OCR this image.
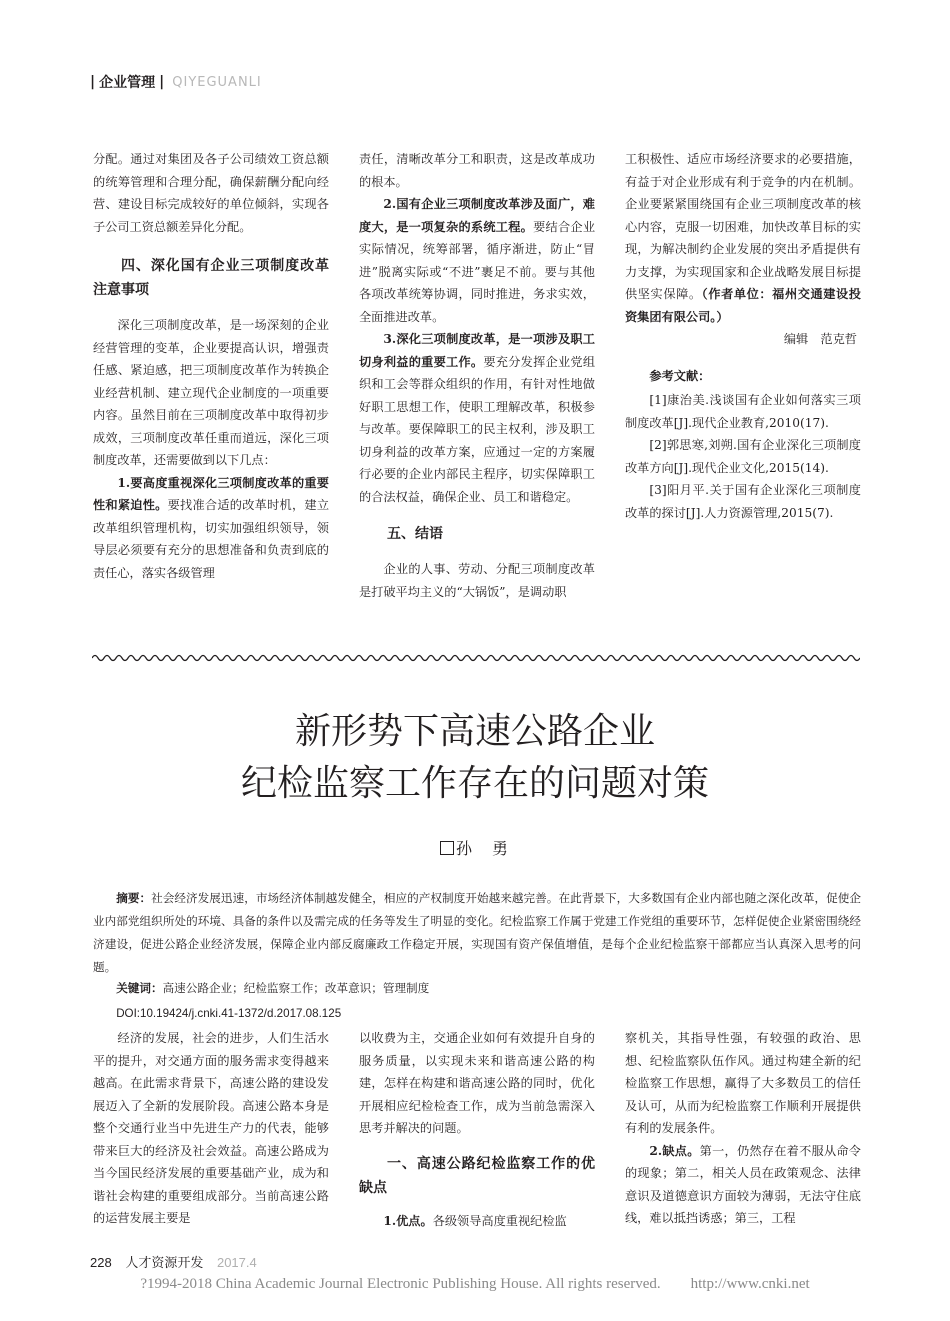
| 企业管理 | QIYEGUANLI

分配。通过对集团及各子公司绩效工资总额的统筹管理和合理分配，确保薪酬分配向经营、建设目标完成较好的单位倾斜，实现各子公司工资总额差异化分配。

四、深化国有企业三项制度改革注意事项

深化三项制度改革，是一场深刻的企业经营管理的变革，企业要提高认识，增强责任感、紧迫感，把三项制度改革作为转换企业经营机制、建立现代企业制度的一项重要内容。虽然目前在三项制度改革中取得初步成效，三项制度改革任重而道远，深化三项制度改革，还需要做到以下几点：

1.要高度重视深化三项制度改革的重要性和紧迫性。要找准合适的改革时机，建立改革组织管理机构，切实加强组织领导，领导层必须要有充分的思想准备和负责到底的责任心，落实各级管理

责任，清晰改革分工和职责，这是改革成功的根本。

2.国有企业三项制度改革涉及面广，难度大，是一项复杂的系统工程。要结合企业实际情况，统筹部署，循序渐进，防止“冒进”脱离实际或“不进”裹足不前。要与其他各项改革统筹协调，同时推进，务求实效，全面推进改革。

3.深化三项制度改革，是一项涉及职工切身利益的重要工作。要充分发挥企业党组织和工会等群众组织的作用，有针对性地做好职工思想工作，使职工理解改革，积极参与改革。要保障职工的民主权利，涉及职工切身利益的改革方案，应通过一定的方案履行必要的企业内部民主程序，切实保障职工的合法权益，确保企业、员工和谐稳定。

五、结语

企业的人事、劳动、分配三项制度改革是打破平均主义的“大锅饭”，是调动职

工积极性、适应市场经济要求的必要措施，有益于对企业形成有利于竞争的内在机制。企业要紧紧围绕国有企业三项制度改革的核心内容，克服一切困难，加快改革目标的实现，为解决制约企业发展的突出矛盾提供有力支撑，为实现国家和企业战略发展目标提供坚实保障。（作者单位：福州交通建设投资集团有限公司。）

编辑　范克哲
参考文献：

[1]康治美.浅谈国有企业如何落实三项制度改革[J].现代企业教育,2010(17).

[2]郭思寒,刘朔.国有企业深化三项制度改革方向[J].现代企业文化,2015(14).

[3]阳月平.关于国有企业深化三项制度改革的探讨[J].人力资源管理,2015(7).

新形势下高速公路企业
纪检监察工作存在的问题对策
孙　勇
摘要：社会经济发展迅速，市场经济体制越发健全，相应的产权制度开始越来越完善。在此背景下，大多数国有企业内部也随之深化改革，促使企业内部党组织所处的环境、具备的条件以及需完成的任务等发生了明显的变化。纪检监察工作属于党建工作党组的重要环节，怎样促使企业紧密围绕经济建设，促进公路企业经济发展，保障企业内部反腐廉政工作稳定开展，实现国有资产保值增值，是每个企业纪检监察干部都应当认真深入思考的问题。
关键词：高速公路企业；纪检监察工作；改革意识；管理制度
DOI:10.19424/j.cnki.41-1372/d.2017.08.125

经济的发展，社会的进步，人们生活水平的提升，对交通方面的服务需求变得越来越高。在此需求背景下，高速公路的建设发展迈入了全新的发展阶段。高速公路本身是整个交通行业当中先进生产力的代表，能够带来巨大的经济及社会效益。高速公路成为当今国民经济发展的重要基础产业，成为和谐社会构建的重要组成部分。当前高速公路的运营发展主要是

以收费为主，交通企业如何有效提升自身的服务质量，以实现未来和谐高速公路的构建，怎样在构建和谐高速公路的同时，优化开展相应纪检检查工作，成为当前急需深入思考并解决的问题。

一、高速公路纪检监察工作的优缺点

1.优点。各级领导高度重视纪检监

察机关，其指导性强，有较强的政治、思想、纪检监察队伍作风。通过构建全新的纪检监察工作思想，赢得了大多数员工的信任及认可，从而为纪检监察工作顺利开展提供有利的发展条件。

2.缺点。第一，仍然存在着不服从命令的现象；第二，相关人员在政策观念、法律意识及道德意识方面较为薄弱，无法守住底线，难以抵挡诱惑；第三，工程

228 人才资源开发 2017.4
?1994-2018 China Academic Journal Electronic Publishing House. All rights reserved.　　http://www.cnki.net
